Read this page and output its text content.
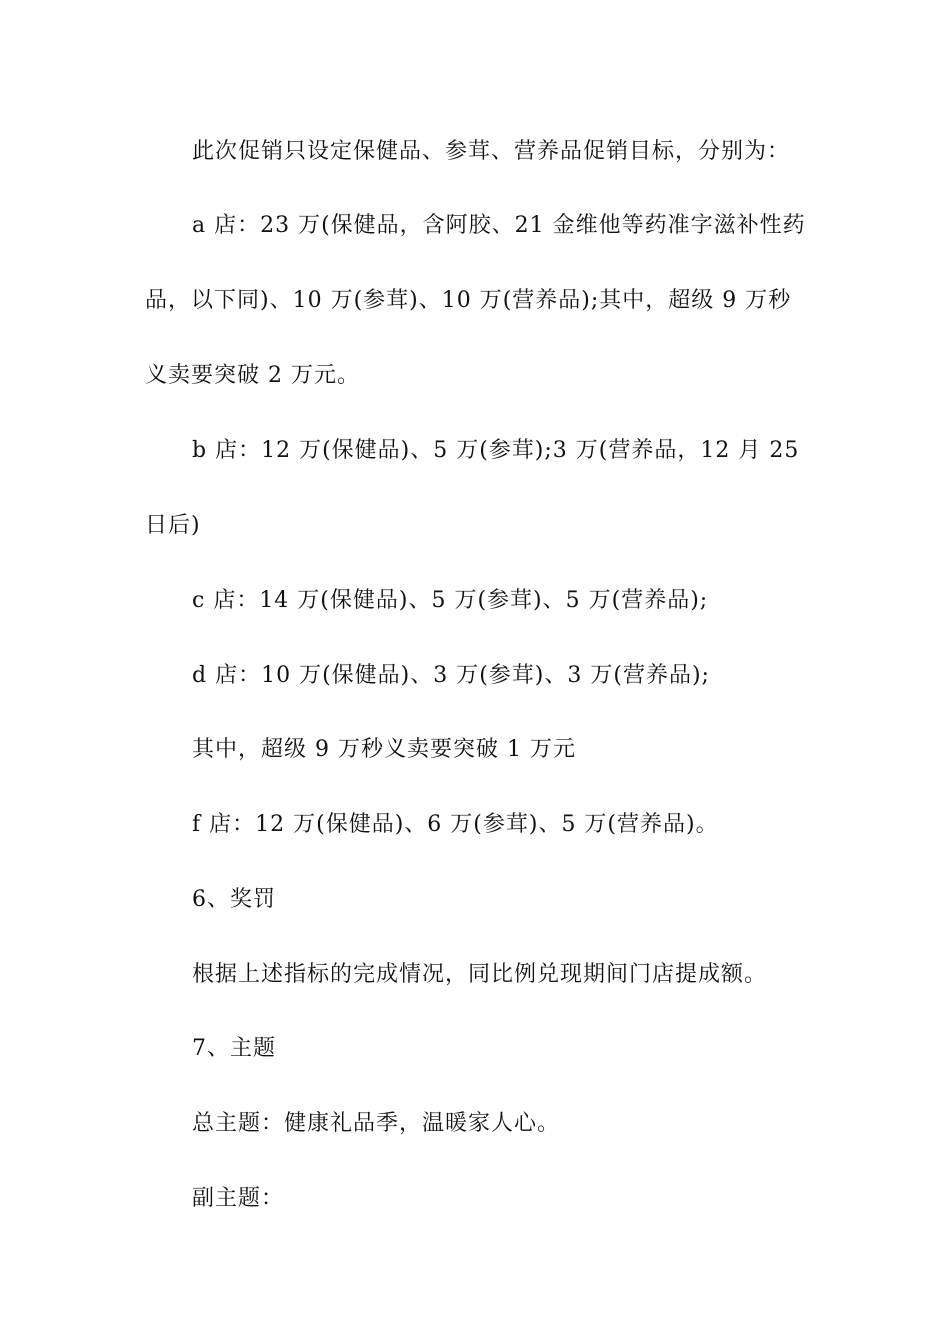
此次促销只设定保健品、参茸、营养品促销目标，分别为：
a 店：23 万(保健品，含阿胶、21 金维他等药准字滋补性药
品，以下同)、10 万(参茸)、10 万(营养品);其中，超级 9 万秒
义卖要突破 2 万元。
b 店：12 万(保健品)、5 万(参茸);3 万(营养品，12 月 25
日后)
c 店：14 万(保健品)、5 万(参茸)、5 万(营养品);
d 店：10 万(保健品)、3 万(参茸)、3 万(营养品);
其中，超级 9 万秒义卖要突破 1 万元
f 店：12 万(保健品)、6 万(参茸)、5 万(营养品)。
6、奖罚
根据上述指标的完成情况，同比例兑现期间门店提成额。
7、主题
总主题：健康礼品季，温暖家人心。
副主题：
